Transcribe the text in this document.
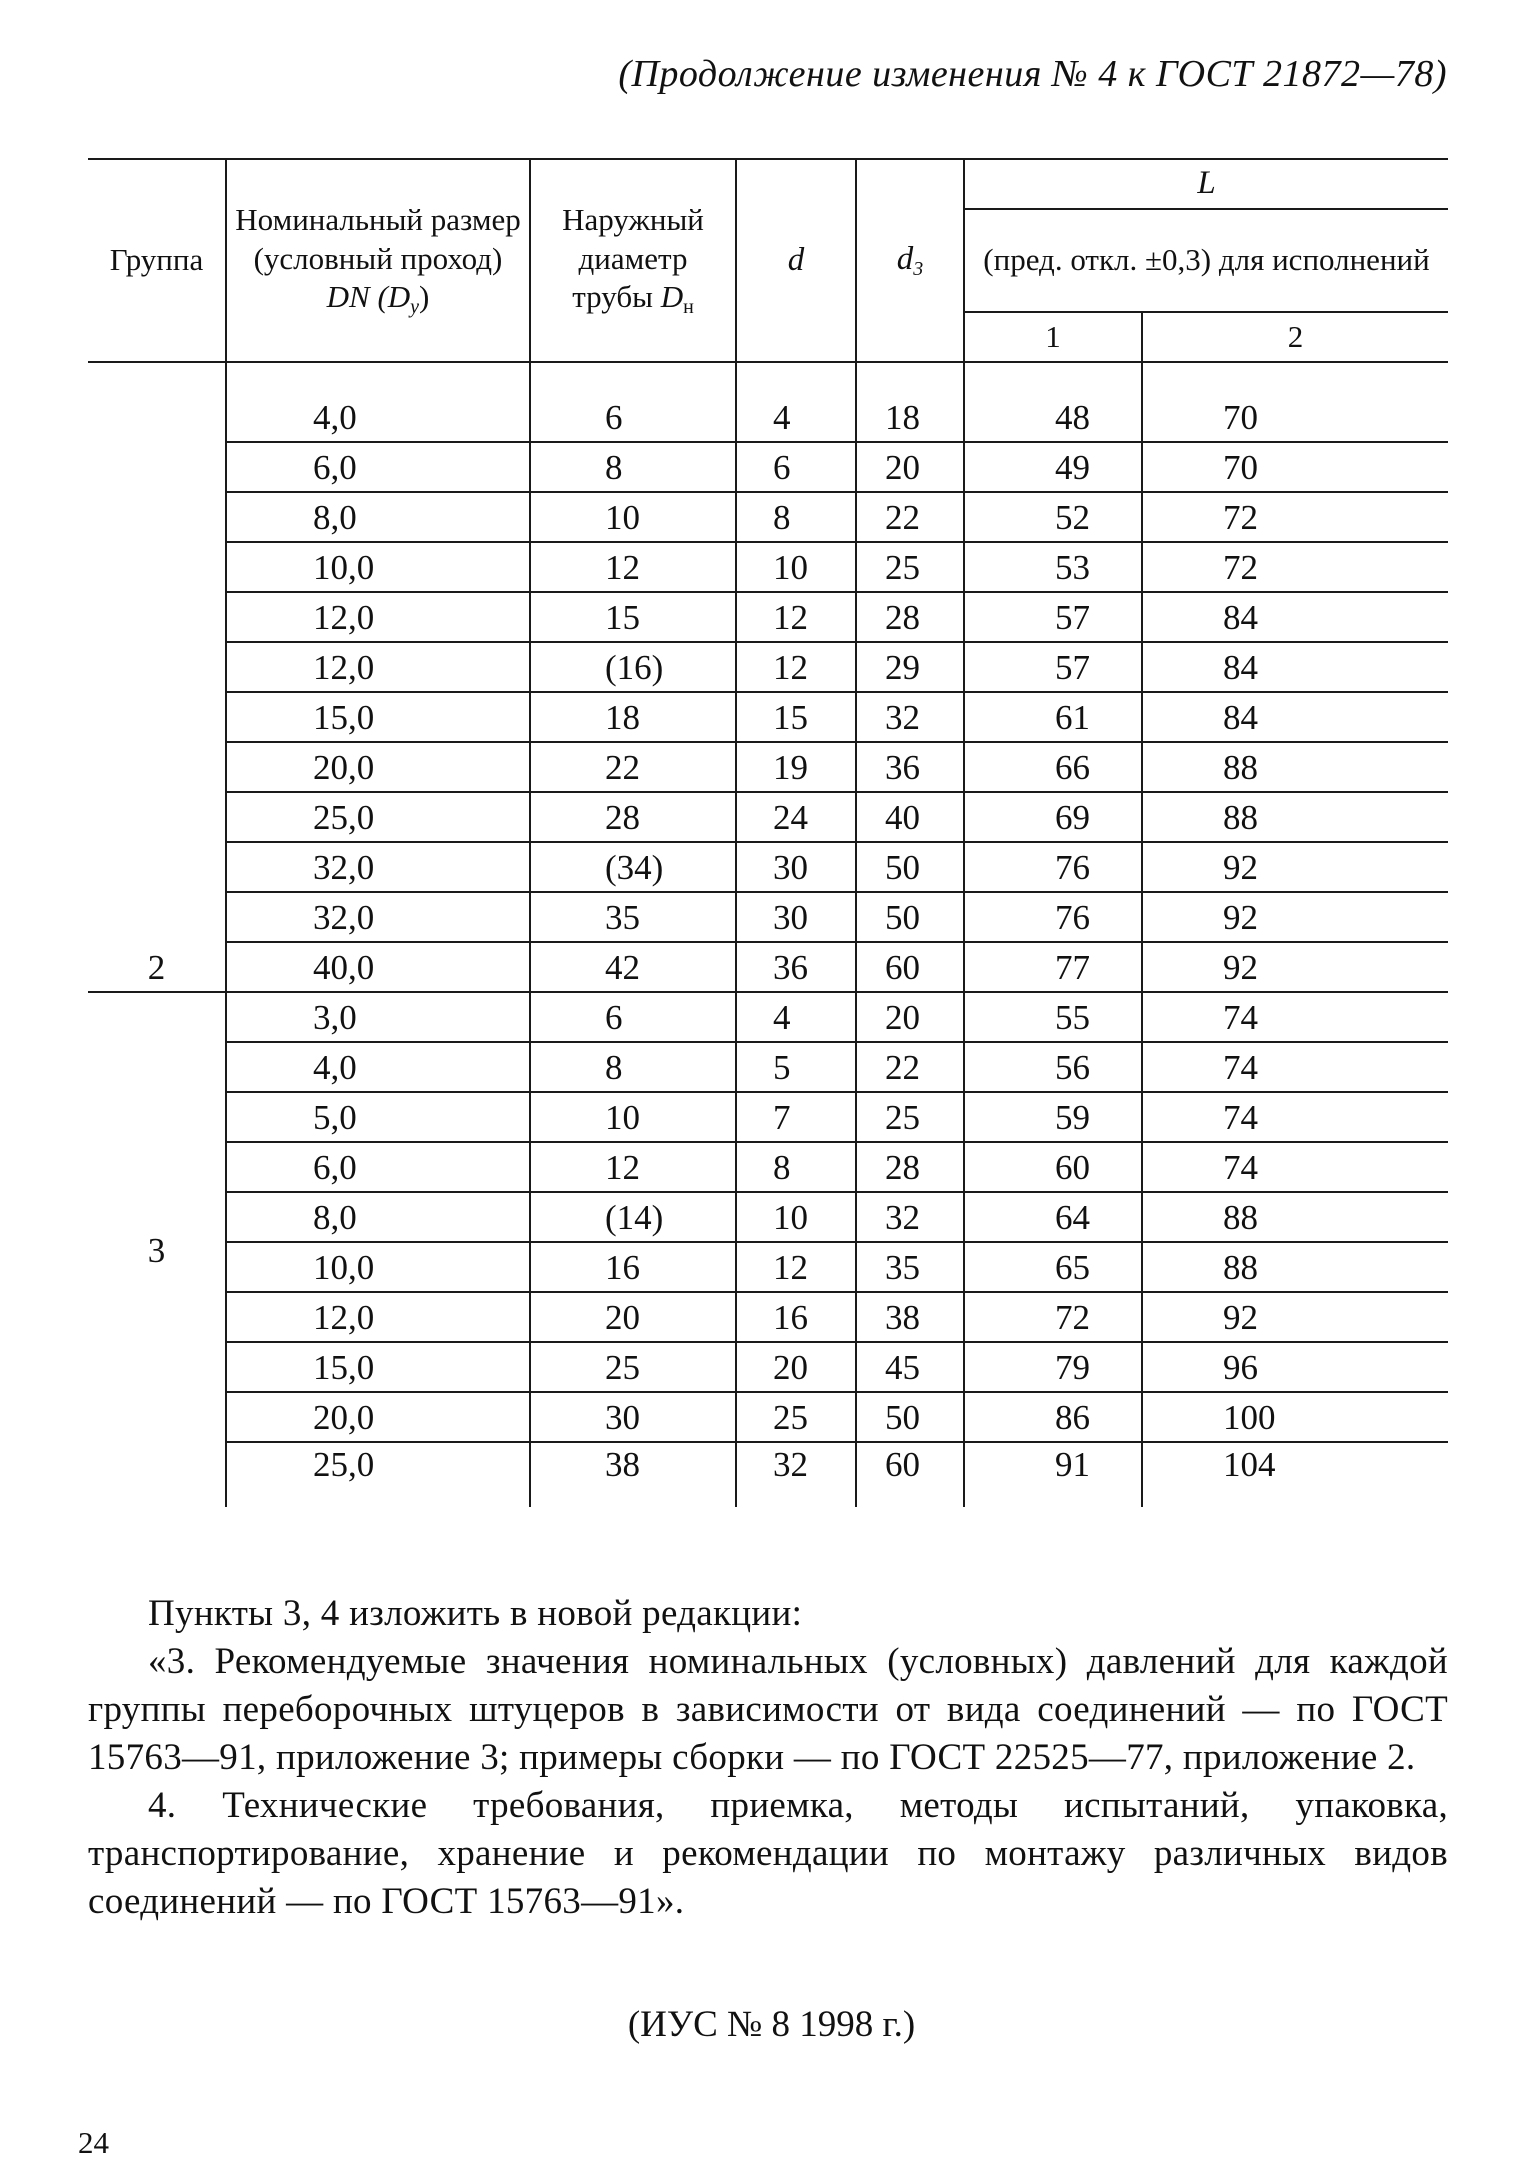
(Продолжение изменения № 4 к ГОСТ 21872—78)
Группа	Номинальный размер (условный проход) DN $(D_у)$	Наружный диаметр трубы $D_н$	d	$d_3$	L	
					(пред. откл. ±0,3) для исполнений	
					1	2
2	4,0	6	4	18	48	70
	6,0	8	6	20	49	70
	8,0	10	8	22	52	72
	10,0	12	10	25	53	72
	12,0	15	12	28	57	84
	12,0	(16)	12	29	57	84
	15,0	18	15	32	61	84
	20,0	22	19	36	66	88
	25,0	28	24	40	69	88
	32,0	(34)	30	50	76	92
	32,0	35	30	50	76	92
	40,0	42	36	60	77	92
3	3,0	6	4	20	55	74
	4,0	8	5	22	56	74
	5,0	10	7	25	59	74
	6,0	12	8	28	60	74
	8,0	(14)	10	32	64	88
	10,0	16	12	35	65	88
	12,0	20	16	38	72	92
	15,0	25	20	45	79	96
	20,0	30	25	50	86	100
	25,0	38	32	60	91	104

Пункты 3, 4 изложить в новой редакции:

«3. Рекомендуемые значения номинальных (условных) давлений для каждой группы переборочных штуцеров в зависимости от вида соединений — по ГОСТ 15763—91, приложение 3; примеры сборки — по ГОСТ 22525—77, приложение 2.

4. Технические требования, приемка, методы испытаний, упаковка, транспортирование, хранение и рекомендации по монтажу различных видов соединений — по ГОСТ 15763—91».

(ИУС № 8 1998 г.)
24
